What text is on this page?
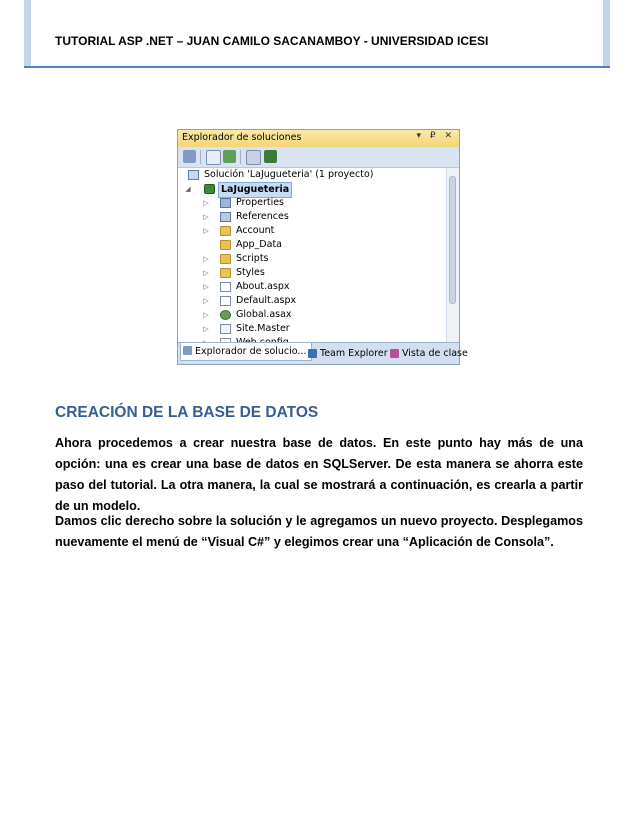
TUTORIAL ASP .NET – JUAN CAMILO SACANAMBOY - UNIVERSIDAD ICESI
Explorador de soluciones	▾ ₽ ✕
Solución 'LaJugueteria' (1 proyecto)
◢	LaJugueteria
▷	Properties
▷	References
▷	Account
App_Data
▷	Scripts
▷	Styles
▷	About.aspx
▷	Default.aspx
▷	Global.asax
▷	Site.Master
Explorador de solucio...	Team Explorer	Vista de clase
CREACIÓN DE LA BASE DE DATOS

Ahora procedemos a crear nuestra base de datos. En este punto hay más de una opción: una es crear una base de datos en SQLServer. De esta manera se ahorra este paso del tutorial. La otra manera, la cual se mostrará a continuación, es crearla a partir de un modelo.

Damos clic derecho sobre la solución y le agregamos un nuevo proyecto. Desplegamos nuevamente el menú de “Visual C#” y elegimos crear una “Aplicación de Consola”.
